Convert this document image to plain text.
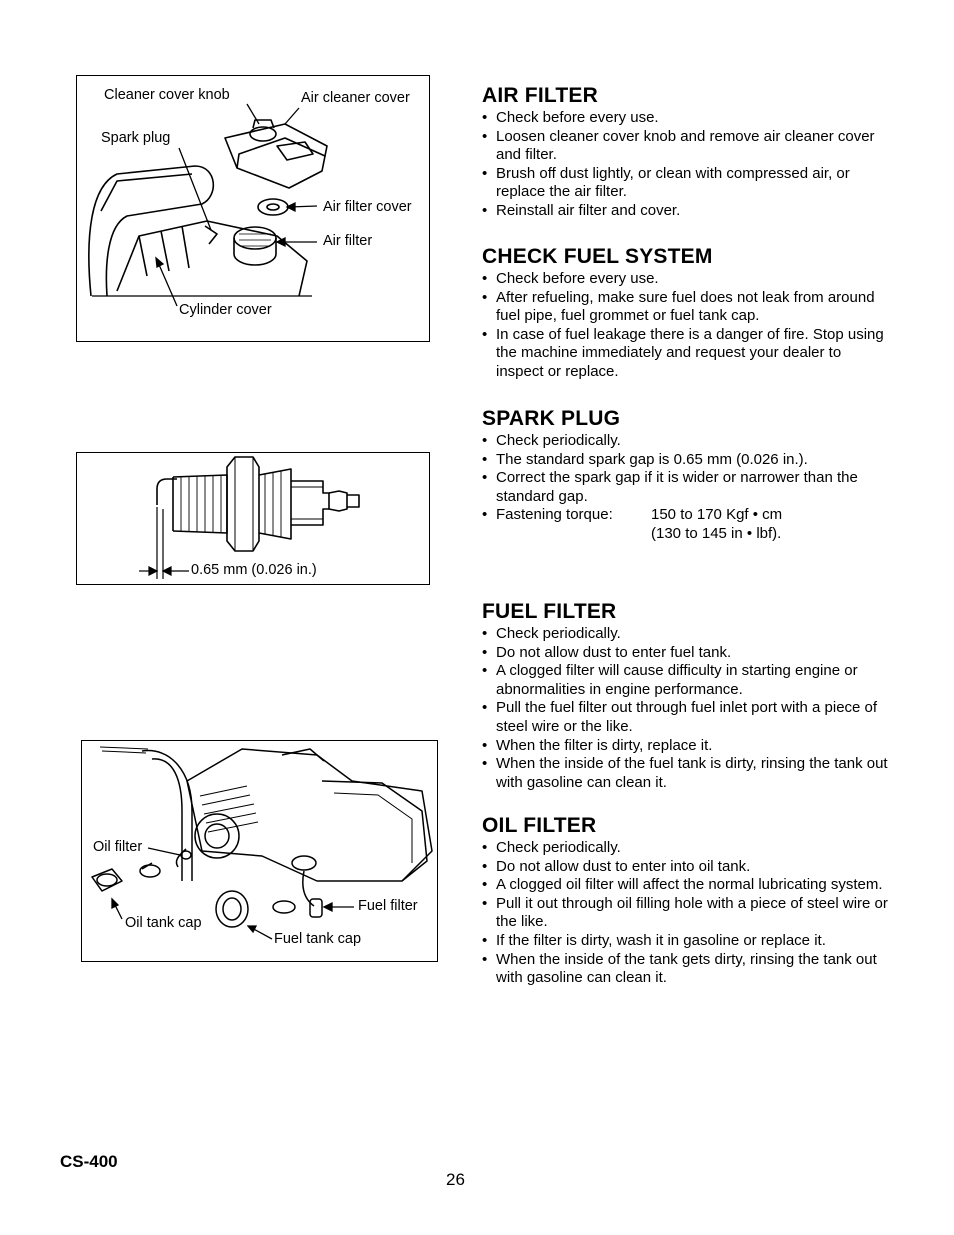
Cleaner cover knob	Air cleaner cover
Spark plug
Air filter cover
Air filter
Cylinder cover
0.65 mm (0.026 in.)
Oil filter
Fuel filter
Oil tank cap
Fuel tank cap
AIR FILTER
• Check before every use.
• Loosen cleaner cover knob and remove air cleaner cover and filter.
• Brush off dust lightly, or clean with compressed air, or replace the air filter.
• Reinstall air filter and cover.
CHECK FUEL SYSTEM
• Check before every use.
• After refueling, make sure fuel does not leak from around fuel pipe, fuel grommet or fuel tank cap.
• In case of fuel leakage there is a danger of fire. Stop using the machine immediately and request your dealer to inspect or replace.
SPARK PLUG
• Check periodically.
• The standard spark gap is 0.65 mm (0.026 in.).
• Correct the spark gap if it is wider or narrower than the standard gap.
• Fastening torque:	150 to 170 Kgf • cm
(130 to 145 in • lbf).
FUEL FILTER
• Check periodically.
• Do not allow dust to enter fuel tank.
• A clogged filter will cause difficulty in starting engine or abnormalities in engine performance.
• Pull the fuel filter out through fuel inlet port with a piece of steel wire or the like.
• When the filter is dirty, replace it.
• When the inside of the fuel tank is dirty, rinsing the tank out with gasoline can clean it.
OIL FILTER
• Check periodically.
• Do not allow dust to enter into oil tank.
• A clogged oil filter will affect the normal lubricating system.
• Pull it out through oil filling hole with a piece of steel wire or the like.
• If the filter is dirty, wash it in gasoline or replace it.
• When the inside of the tank gets dirty, rinsing the tank out with gasoline can clean it.
CS-400
26
